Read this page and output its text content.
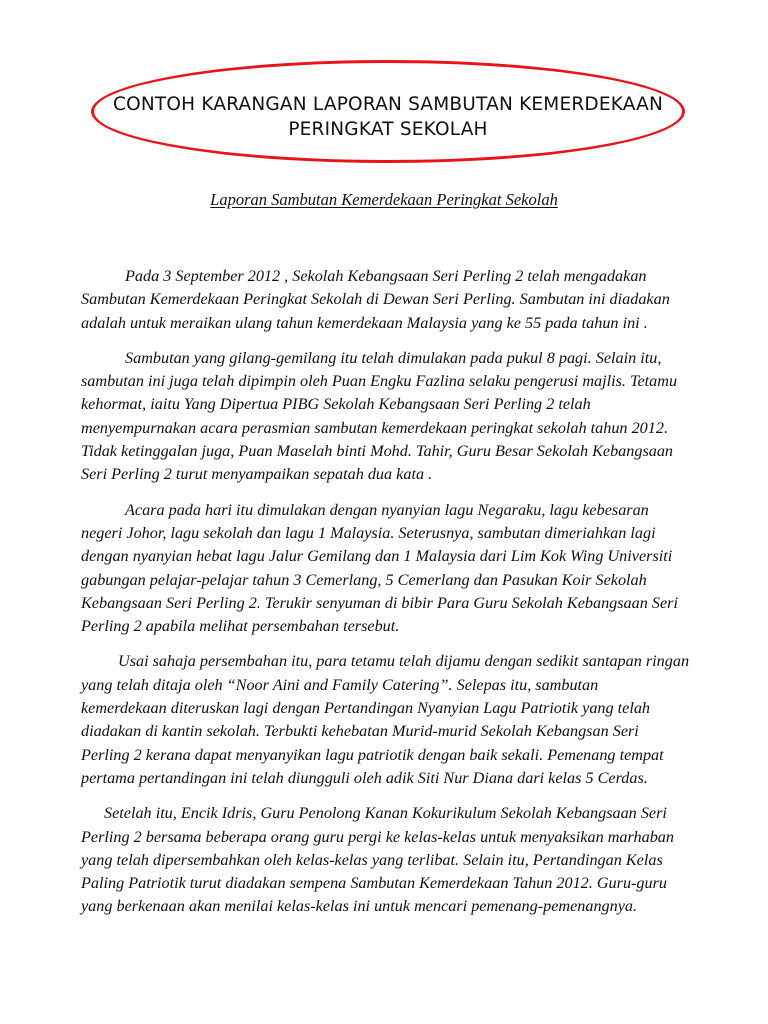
CONTOH KARANGAN LAPORAN SAMBUTAN KEMERDEKAAN
PERINGKAT SEKOLAH
Laporan Sambutan Kemerdekaan Peringkat Sekolah

Pada 3 September 2012 , Sekolah Kebangsaan Seri Perling 2 telah mengadakan
Sambutan Kemerdekaan Peringkat Sekolah di Dewan Seri Perling. Sambutan ini diadakan
adalah untuk meraikan ulang tahun kemerdekaan Malaysia yang ke 55 pada tahun ini .

Sambutan yang gilang-gemilang itu telah dimulakan pada pukul 8 pagi. Selain itu,
sambutan ini juga telah dipimpin oleh Puan Engku Fazlina selaku pengerusi majlis. Tetamu
kehormat, iaitu Yang Dipertua PIBG Sekolah Kebangsaan Seri Perling 2 telah
menyempurnakan acara perasmian sambutan kemerdekaan peringkat sekolah tahun 2012.
Tidak ketinggalan juga, Puan Maselah binti Mohd. Tahir, Guru Besar Sekolah Kebangsaan
Seri Perling 2 turut menyampaikan sepatah dua kata .

Acara pada hari itu dimulakan dengan nyanyian lagu Negaraku, lagu kebesaran
negeri Johor, lagu sekolah dan lagu 1 Malaysia. Seterusnya, sambutan dimeriahkan lagi
dengan nyanyian hebat lagu Jalur Gemilang dan 1 Malaysia dari Lim Kok Wing Universiti
gabungan pelajar-pelajar tahun 3 Cemerlang, 5 Cemerlang dan Pasukan Koir Sekolah
Kebangsaan Seri Perling 2. Terukir senyuman di bibir Para Guru Sekolah Kebangsaan Seri
Perling 2 apabila melihat persembahan tersebut.

Usai sahaja persembahan itu, para tetamu telah dijamu dengan sedikit santapan ringan
yang telah ditaja oleh “Noor Aini and Family Catering”. Selepas itu, sambutan
kemerdekaan diteruskan lagi dengan Pertandingan Nyanyian Lagu Patriotik yang telah
diadakan di kantin sekolah. Terbukti kehebatan Murid-murid Sekolah Kebangsan Seri
Perling 2 kerana dapat menyanyikan lagu patriotik dengan baik sekali. Pemenang tempat
pertama pertandingan ini telah diungguli oleh adik Siti Nur Diana dari kelas 5 Cerdas.

Setelah itu, Encik Idris, Guru Penolong Kanan Kokurikulum Sekolah Kebangsaan Seri
Perling 2 bersama beberapa orang guru pergi ke kelas-kelas untuk menyaksikan marhaban
yang telah dipersembahkan oleh kelas-kelas yang terlibat. Selain itu, Pertandingan Kelas
Paling Patriotik turut diadakan sempena Sambutan Kemerdekaan Tahun 2012. Guru-guru
yang berkenaan akan menilai kelas-kelas ini untuk mencari pemenang-pemenangnya.
